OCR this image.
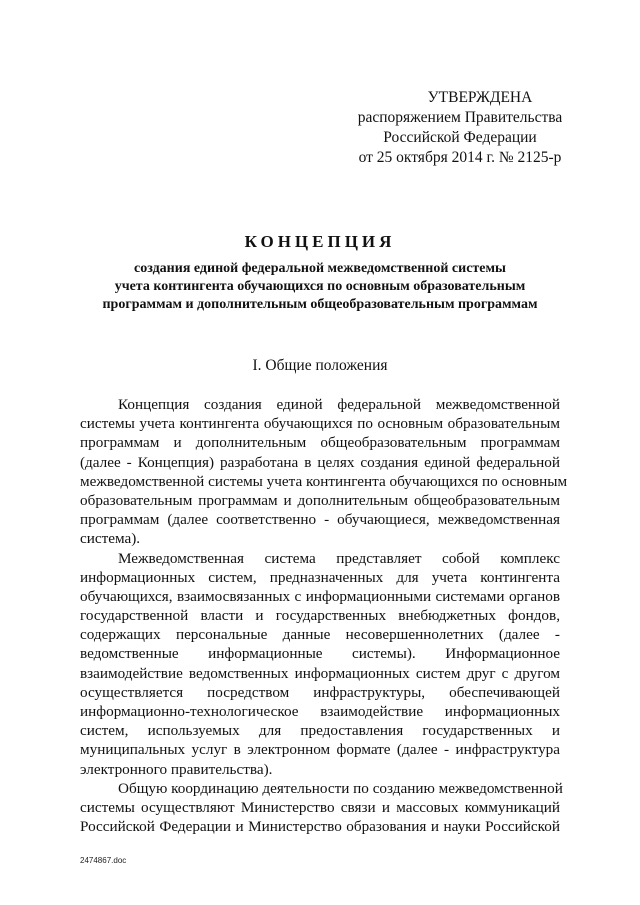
УТВЕРЖДЕНА
распоряжением Правительства
Российской Федерации
от 25 октября 2014 г. № 2125-р
КОНЦЕПЦИЯ
создания единой федеральной межведомственной системы
учета контингента обучающихся по основным образовательным
программам и дополнительным общеобразовательным программам
I. Общие положения
Концепция создания единой федеральной межведомственной
системы учета контингента обучающихся по основным образовательным
программам и дополнительным общеобразовательным программам
(далее - Концепция) разработана в целях создания единой федеральной
межведомственной системы учета контингента обучающихся по основным
образовательным программам и дополнительным общеобразовательным
программам (далее соответственно - обучающиеся, межведомственная
система).
Межведомственная система представляет собой комплекс
информационных систем, предназначенных для учета контингента
обучающихся, взаимосвязанных с информационными системами органов
государственной власти и государственных внебюджетных фондов,
содержащих персональные данные несовершеннолетних (далее -
ведомственные информационные системы). Информационное
взаимодействие ведомственных информационных систем друг с другом
осуществляется посредством инфраструктуры, обеспечивающей
информационно-технологическое взаимодействие информационных
систем, используемых для предоставления государственных и
муниципальных услуг в электронном формате (далее - инфраструктура
электронного правительства).
Общую координацию деятельности по созданию межведомственной
системы осуществляют Министерство связи и массовых коммуникаций
Российской Федерации и Министерство образования и науки Российской
2474867.doc
